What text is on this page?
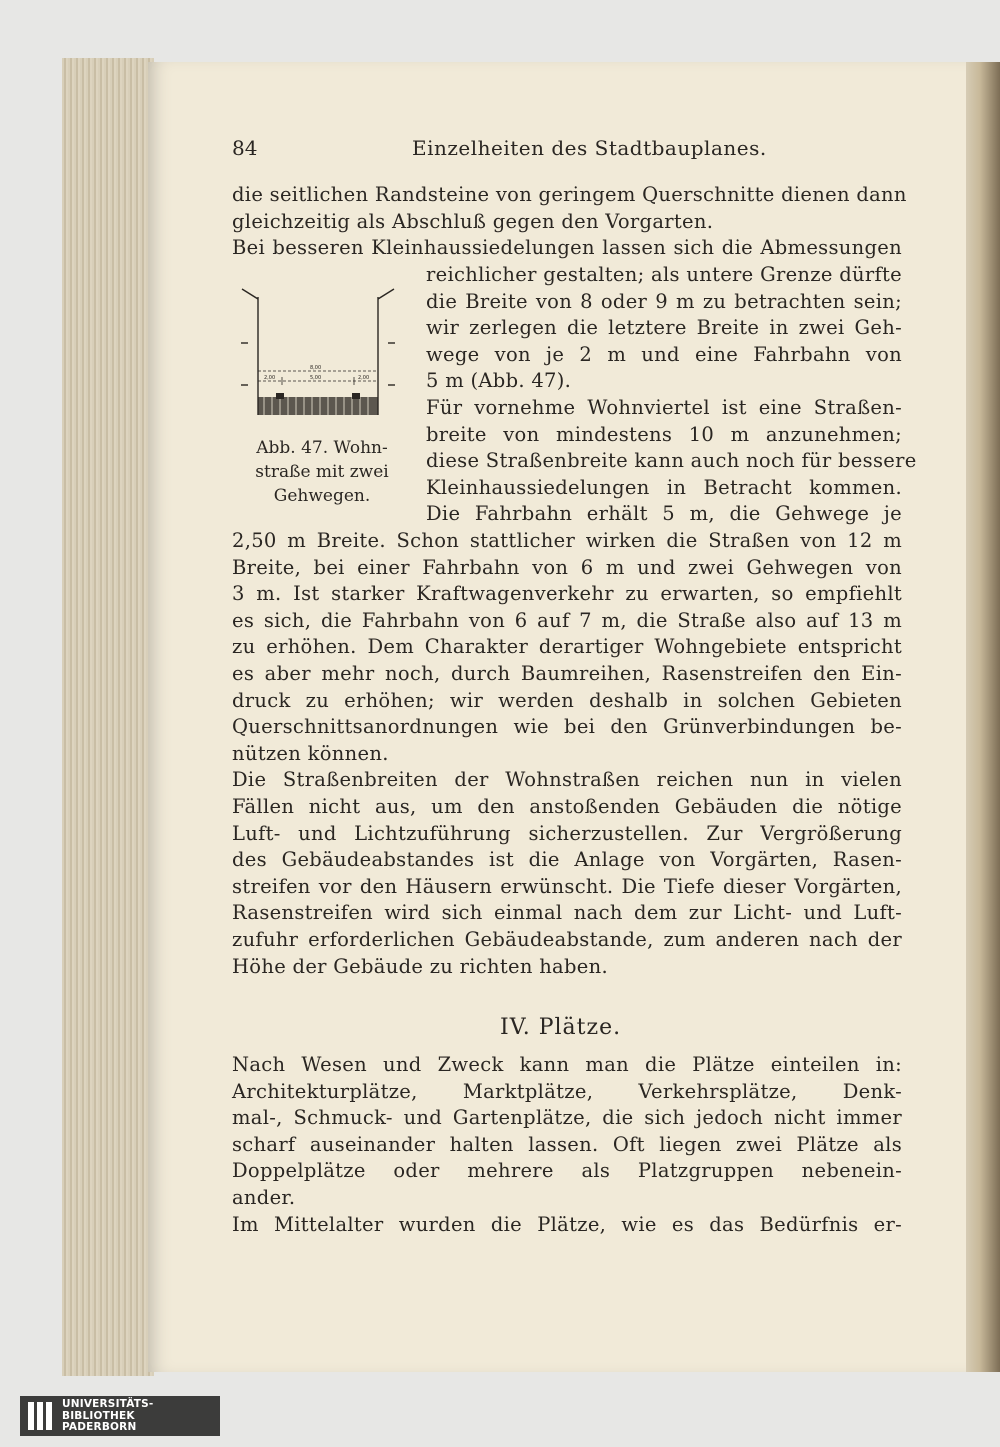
84	Einzelheiten des Stadtbauplanes.
die seitlichen Randsteine von geringem Querschnitte dienen dann
gleichzeitig als Abschluß gegen den Vorgarten.
Bei besseren Kleinhaussiedelungen lassen sich die Abmessungen
reichlicher gestalten; als untere Grenze dürfte
die Breite von 8 oder 9 m zu betrachten sein;
wir zerlegen die letztere Breite in zwei Geh-
wege von je 2 m und eine Fahrbahn von
5 m (Abb. 47).
Für vornehme Wohnviertel ist eine Straßen-
breite von mindestens 10 m anzunehmen;
diese Straßenbreite kann auch noch für bessere
Kleinhaussiedelungen in Betracht kommen.
Die Fahrbahn erhält 5 m, die Gehwege je
8,00
2,00	5,00	2,00
Abb. 47. Wohn-
straße mit zwei
Gehwegen.
2,50 m Breite. Schon stattlicher wirken die Straßen von 12 m
Breite, bei einer Fahrbahn von 6 m und zwei Gehwegen von
3 m. Ist starker Kraftwagenverkehr zu erwarten, so empfiehlt
es sich, die Fahrbahn von 6 auf 7 m, die Straße also auf 13 m
zu erhöhen. Dem Charakter derartiger Wohngebiete entspricht
es aber mehr noch, durch Baumreihen, Rasenstreifen den Ein-
druck zu erhöhen; wir werden deshalb in solchen Gebieten
Querschnittsanordnungen wie bei den Grünverbindungen be-
nützen können.
Die Straßenbreiten der Wohnstraßen reichen nun in vielen
Fällen nicht aus, um den anstoßenden Gebäuden die nötige
Luft- und Lichtzuführung sicherzustellen. Zur Vergrößerung
des Gebäudeabstandes ist die Anlage von Vorgärten, Rasen-
streifen vor den Häusern erwünscht. Die Tiefe dieser Vorgärten,
Rasenstreifen wird sich einmal nach dem zur Licht- und Luft-
zufuhr erforderlichen Gebäudeabstande, zum anderen nach der
Höhe der Gebäude zu richten haben.
IV. Plätze.
Nach Wesen und Zweck kann man die Plätze einteilen in:
Architekturplätze, Marktplätze, Verkehrsplätze, Denk-
mal-, Schmuck- und Gartenplätze, die sich jedoch nicht immer
scharf auseinander halten lassen. Oft liegen zwei Plätze als
Doppelplätze oder mehrere als Platzgruppen nebenein-
ander.
Im Mittelalter wurden die Plätze, wie es das Bedürfnis er-
UNIVERSITÄTS-
BIBLIOTHEK
PADERBORN
